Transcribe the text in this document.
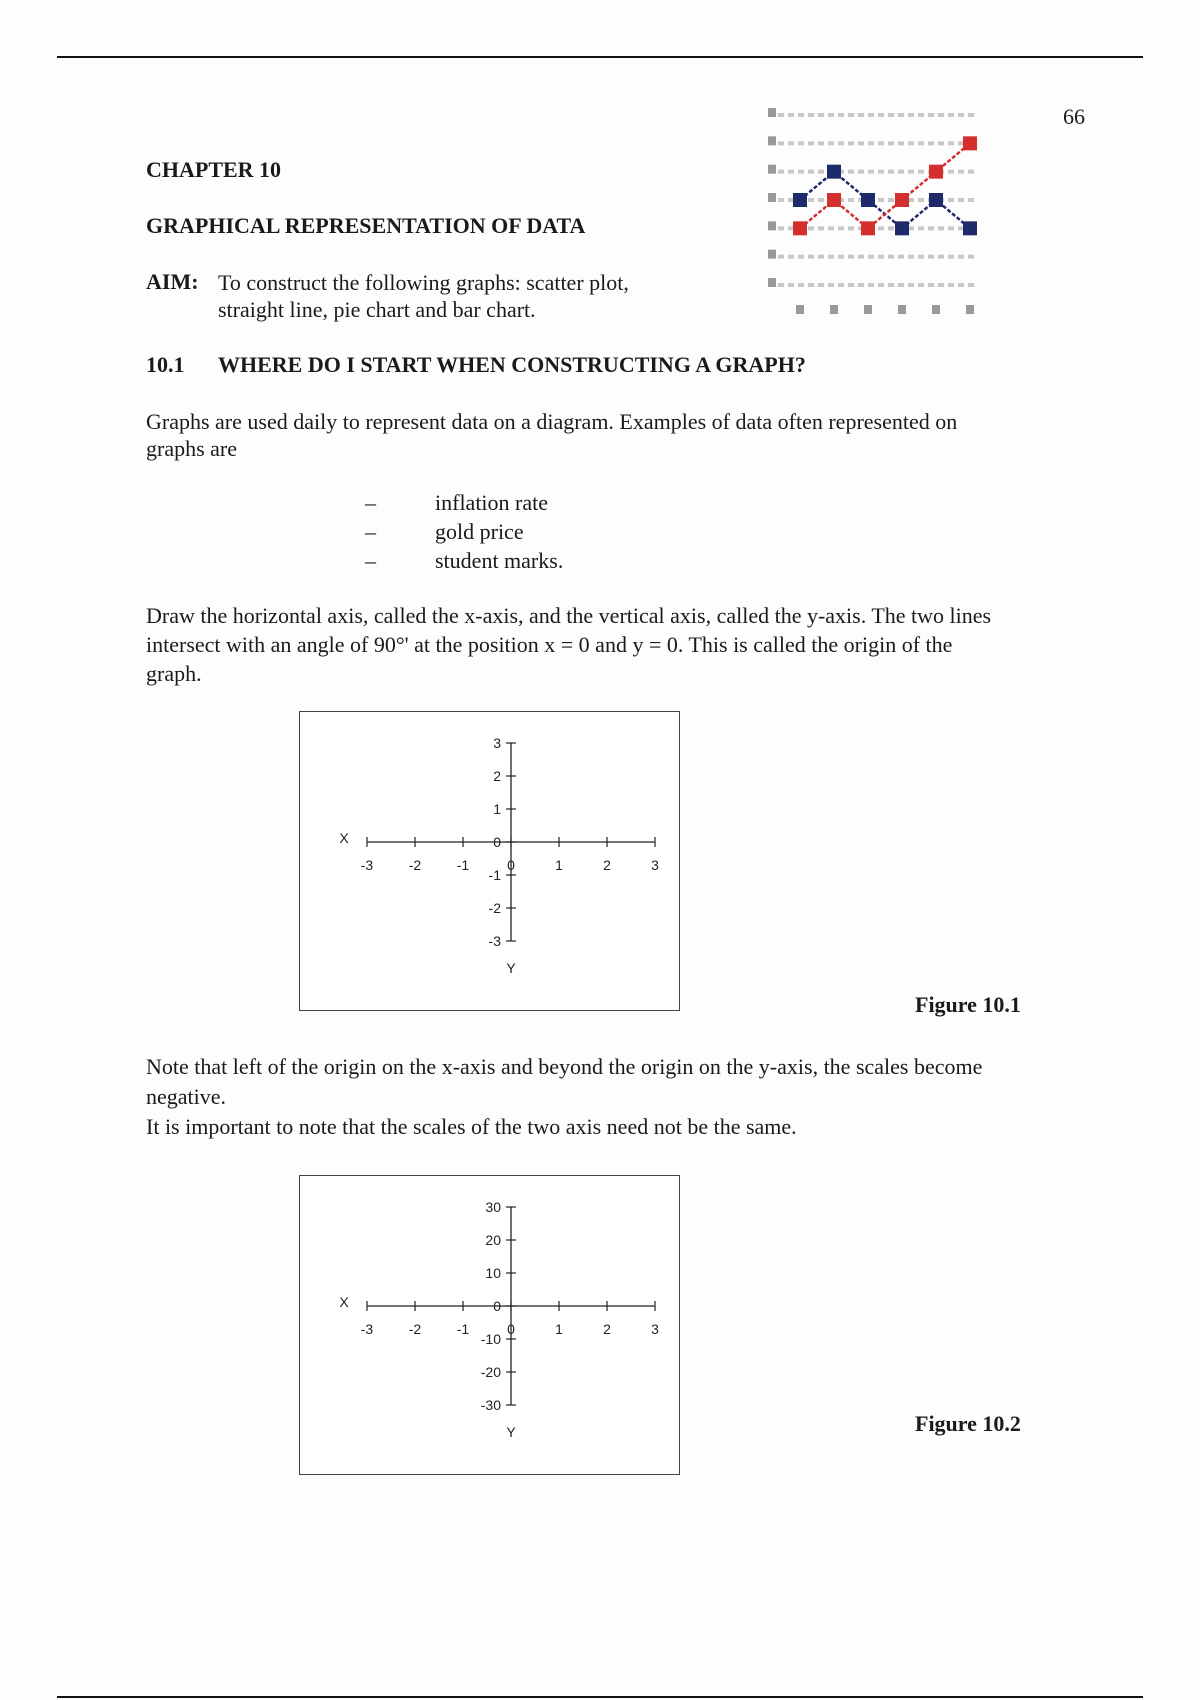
66
CHAPTER 10
GRAPHICAL REPRESENTATION OF DATA
AIM: To construct the following graphs: scatter plot,
straight line, pie chart and bar chart.
10.1 WHERE DO I START WHEN CONSTRUCTING A GRAPH?
Graphs are used daily to represent data on a diagram. Examples of data often represented on
graphs are
–	inflation rate
–	gold price
–	student marks.
Draw the horizontal axis, called the x-axis, and the vertical axis, called the y-axis. The two lines
intersect with an angle of 90°' at the position x = 0 and y = 0. This is called the origin of the
graph.
-3	-2	-1	0	1	2	3
3
2
1
0
-1
-2
-3
X
Y
Figure 10.1
Note that left of the origin on the x-axis and beyond the origin on the y-axis, the scales become
negative.
It is important to note that the scales of the two axis need not be the same.
-3	-2	-1	0	1	2	3
30
20
10
0
-10
-20
-30
X
Y	Figure 10.2
